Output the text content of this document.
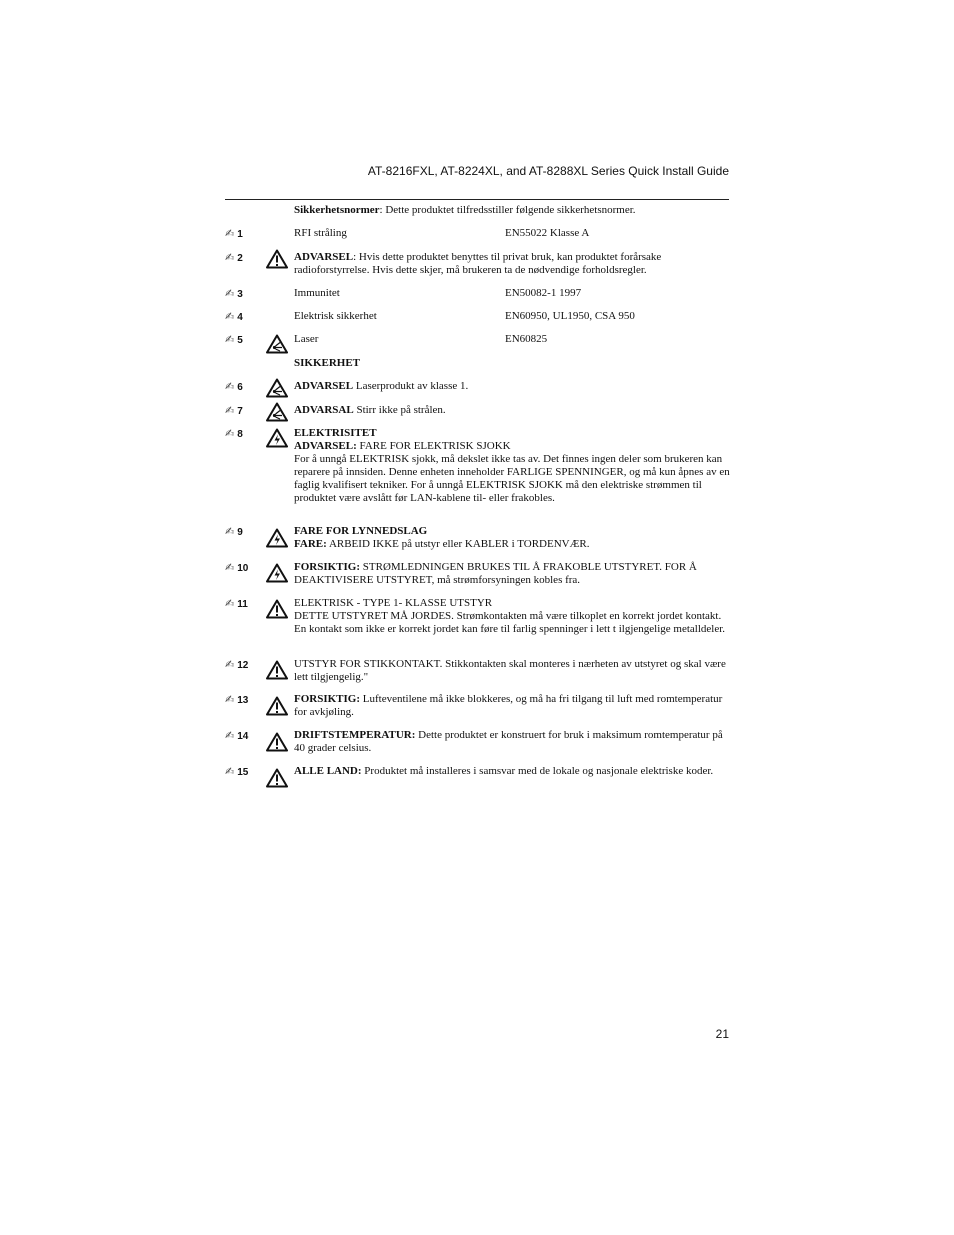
AT-8216FXL, AT-8224XL, and AT-8288XL Series Quick Install Guide
Sikkerhetsnormer: Dette produktet tilfredsstiller følgende sikkerhetsnormer.
✍ 1	RFI stråling	EN55022 Klasse A
✍ 2	ADVARSEL: Hvis dette produktet benyttes til privat bruk, kan produktet forårsake radioforstyrrelse. Hvis dette skjer, må brukeren ta de nødvendige forholdsregler.
✍ 3	Immunitet	EN50082-1 1997
✍ 4	Elektrisk sikkerhet	EN60950, UL1950, CSA 950
✍ 5	Laser	EN60825
SIKKERHET
✍ 6	ADVARSEL Laserprodukt av klasse 1.
✍ 7	ADVARSAL Stirr ikke på strålen.
✍ 8	ELEKTRISITET
ADVARSEL: FARE FOR ELEKTRISK SJOKK
For å unngå ELEKTRISK sjokk, må dekslet ikke tas av. Det finnes ingen deler som brukeren kan reparere på innsiden. Denne enheten inneholder FARLIGE SPENNINGER, og må kun åpnes av en faglig kvalifisert tekniker. For å unngå ELEKTRISK SJOKK må den elektriske strømmen til produktet være avslått før LAN-kablene til- eller frakobles.
✍ 9	FARE FOR LYNNEDSLAG
FARE: ARBEID IKKE på utstyr eller KABLER i TORDENVÆR.
✍ 10	FORSIKTIG: STRØMLEDNINGEN BRUKES TIL Å FRAKOBLE UTSTYRET. FOR Å DEAKTIVISERE UTSTYRET, må strømforsyningen kobles fra.
✍ 11	ELEKTRISK - TYPE 1- KLASSE UTSTYR
DETTE UTSTYRET MÅ JORDES. Strømkontakten må være tilkoplet en korrekt jordet kontakt. En kontakt som ikke er korrekt jordet kan føre til farlig spenninger i lett t ilgjengelige metalldeler.
✍ 12	UTSTYR FOR STIKKONTAKT. Stikkontakten skal monteres i nærheten av utstyret og skal være lett tilgjengelig."
✍ 13	FORSIKTIG: Lufteventilene må ikke blokkeres, og må ha fri tilgang til luft med romtemperatur for avkjøling.
✍ 14	DRIFTSTEMPERATUR: Dette produktet er konstruert for bruk i maksimum romtemperatur på 40 grader celsius.
✍ 15	ALLE LAND: Produktet må installeres i samsvar med de lokale og nasjonale elektriske koder.
21
